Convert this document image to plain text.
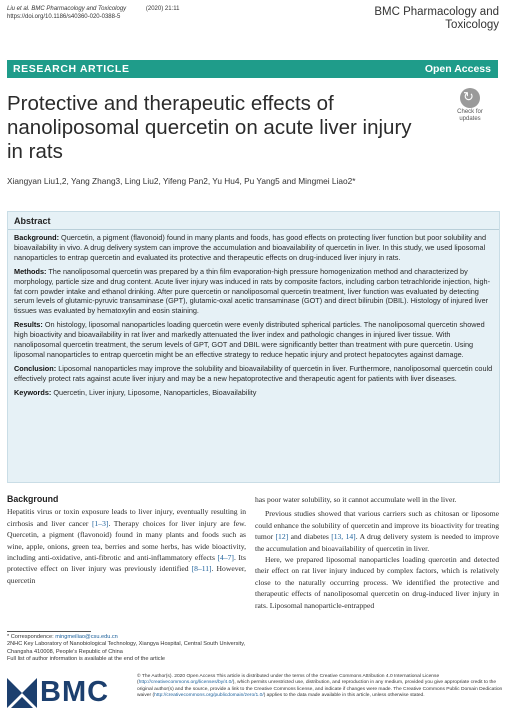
Liu et al. BMC Pharmacology and Toxicology	(2020) 21:11
https://doi.org/10.1186/s40360-020-0388-5	BMC Pharmacology and Toxicology
RESEARCH ARTICLE	Open Access
Protective and therapeutic effects of nanoliposomal quercetin on acute liver injury in rats
↻
Check for
updates
Xiangyan Liu1,2, Yang Zhang3, Ling Liu2, Yifeng Pan2, Yu Hu4, Pu Yang5 and Mingmei Liao2*
Abstract

Background: Quercetin, a pigment (flavonoid) found in many plants and foods, has good effects on protecting liver function but poor solubility and bioavailability in vivo. A drug delivery system can improve the accumulation and bioavailability of quercetin in liver. In this study, we used liposomal nanoparticles to entrap quercetin and evaluated its protective and therapeutic effects on drug-induced liver injury in rats.

Methods: The nanoliposomal quercetin was prepared by a thin film evaporation-high pressure homogenization method and characterized by morphology, particle size and drug content. Acute liver injury was induced in rats by composite factors, including carbon tetrachloride injection, high-fat corn powder intake and ethanol drinking. After pure quercetin or nanoliposomal quercetin treatment, liver function was evaluated by detecting serum levels of glutamic-pyruvic transaminase (GPT), glutamic-oxal acetic transaminase (GOT) and direct bilirubin (DBIL). Histology of injured liver tissues was evaluated by hematoxylin and eosin staining.

Results: On histology, liposomal nanoparticles loading quercetin were evenly distributed spherical particles. The nanoliposomal quercetin showed high bioactivity and bioavailability in rat liver and markedly attenuated the liver index and pathologic changes in injured liver tissue. With nanoliposomal quercetin treatment, the serum levels of GPT, GOT and DBIL were significantly better than treatment with pure quercetin. Using liposomal nanoparticles to entrap quercetin might be an effective strategy to reduce hepatic injury and protect hepatocytes against damage.

Conclusion: Liposomal nanoparticles may improve the solubility and bioavailability of quercetin in liver. Furthermore, nanoliposomal quercetin could effectively protect rats against acute liver injury and may be a new hepatoprotective and therapeutic agent for patients with liver diseases.

Keywords: Quercetin, Liver injury, Liposome, Nanoparticles, Bioavailability

Background

Hepatitis virus or toxin exposure leads to liver injury, eventually resulting in cirrhosis and liver cancer [1–3]. Therapy choices for liver injury are few. Quercetin, a pigment (flavonoid) found in many plants and foods such as wine, apple, onions, green tea, berries and some herbs, has wide bioactivity, including anti-oxidative, anti-fibrotic and anti-inflammatory effects [4–7]. Its protective effect on liver injury was previously identified [8–11]. However, quercetin

has poor water solubility, so it cannot accumulate well in the liver.

Previous studies showed that various carriers such as chitosan or liposome could enhance the solubility of quercetin and improve its bioactivity for treating tumor [12] and diabetes [13, 14]. A drug delivery system is needed to improve the accumulation and bioavailability of quercetin in liver.

Here, we prepared liposomal nanoparticles loading quercetin and detected their effect on rat liver injury induced by complex factors, which is relatively close to the naturally occurring process. We identified the protective and therapeutic effects of nanoliposomal quercetin on drug-induced liver injury in rats. Liposomal nanoparticle-entrapped

* Correspondence: mingmeiliao@csu.edu.cn
2NHC Key Laboratory of Nanobiological Technology, Xiangya Hospital, Central South University, Changsha 410008, People's Republic of China
Full list of author information is available at the end of the article
BMC	© The Author(s). 2020 Open Access This article is distributed under the terms of the Creative Commons Attribution 4.0 International License (http://creativecommons.org/licenses/by/4.0/), which permits unrestricted use, distribution, and reproduction in any medium, provided you give appropriate credit to the original author(s) and the source, provide a link to the Creative Commons license, and indicate if changes were made. The Creative Commons Public Domain Dedication waiver (http://creativecommons.org/publicdomain/zero/1.0/) applies to the data made available in this article, unless otherwise stated.
